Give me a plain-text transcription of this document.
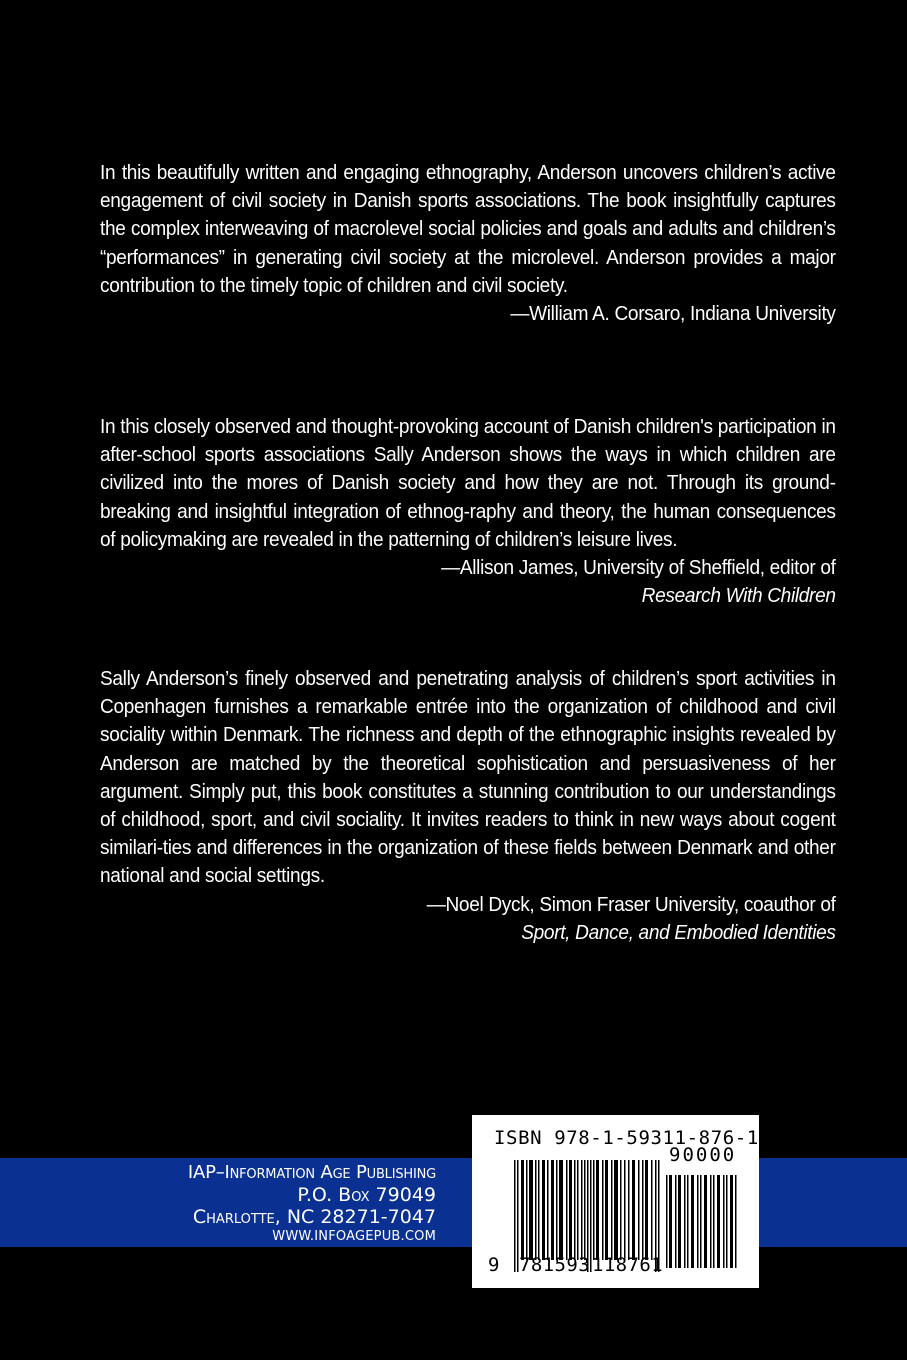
In this beautifully written and engaging ethnography, Anderson uncovers children’s active engagement of civil society in Danish sports associations. The book insightfully captures the complex interweaving of macrolevel social policies and goals and adults and children’s “performances” in generating civil society at the microlevel. Anderson provides a major contribution to the timely topic of children and civil society.

—William A. Corsaro, Indiana University

In this closely observed and thought-provoking account of Danish children's participation in after-school sports associations Sally Anderson shows the ways in which children are civilized into the mores of Danish society and how they are not. Through its ground-breaking and insightful integration of ethnog-raphy and theory, the human consequences of policymaking are revealed in the patterning of children’s leisure lives.

—Allison James, University of Sheffield, editor of
Research With Children

Sally Anderson’s finely observed and penetrating analysis of children’s sport activities in Copenhagen furnishes a remarkable entrée into the organization of childhood and civil sociality within Denmark. The richness and depth of the ethnographic insights revealed by Anderson are matched by the theoretical sophistication and persuasiveness of her argument. Simply put, this book constitutes a stunning contribution to our understandings of childhood, sport, and civil sociality. It invites readers to think in new ways about cogent similari-ties and differences in the organization of these fields between Denmark and other national and social settings.

—Noel Dyck, Simon Fraser University, coauthor of
Sport, Dance, and Embodied Identities
IAP–Information Age Publishing
P.O. Box 79049
Charlotte, NC 28271-7047
WWW.INFOAGEPUB.COM
ISBN 978-1-59311-876-1
90000
9 781593 118761
